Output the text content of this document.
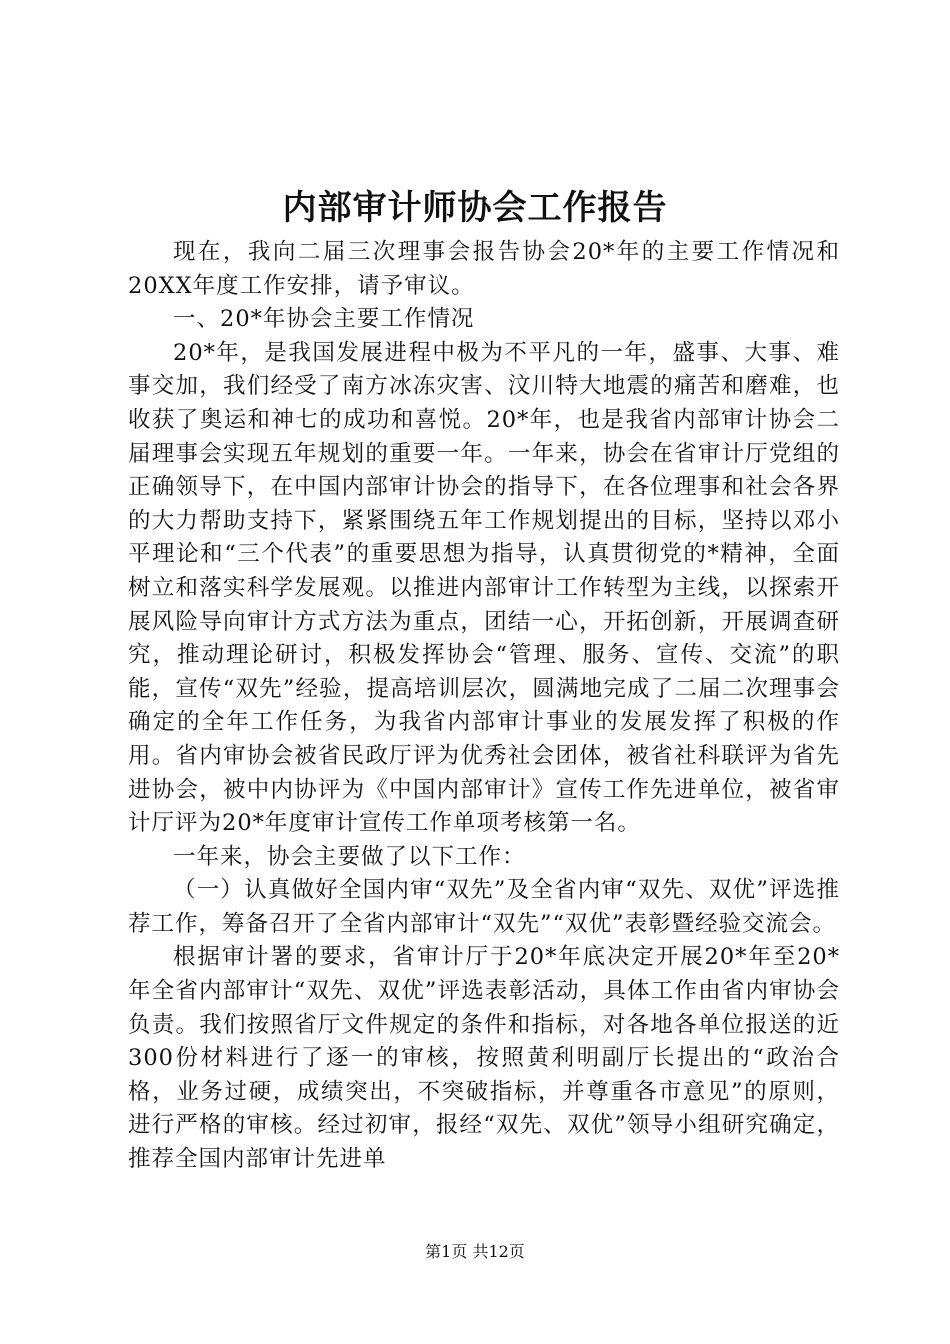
内部审计师协会工作报告

现在，我向二届三次理事会报告协会20*年的主要工作情况和20XX年度工作安排，请予审议。

一、20*年协会主要工作情况

20*年，是我国发展进程中极为不平凡的一年，盛事、大事、难事交加，我们经受了南方冰冻灾害、汶川特大地震的痛苦和磨难，也收获了奥运和神七的成功和喜悦。20*年，也是我省内部审计协会二届理事会实现五年规划的重要一年。一年来，协会在省审计厅党组的正确领导下，在中国内部审计协会的指导下，在各位理事和社会各界的大力帮助支持下，紧紧围绕五年工作规划提出的目标，坚持以邓小平理论和“三个代表”的重要思想为指导，认真贯彻党的*精神，全面树立和落实科学发展观。以推进内部审计工作转型为主线，以探索开展风险导向审计方式方法为重点，团结一心，开拓创新，开展调查研究，推动理论研讨，积极发挥协会“管理、服务、宣传、交流”的职能，宣传“双先”经验，提高培训层次，圆满地完成了二届二次理事会确定的全年工作任务，为我省内部审计事业的发展发挥了积极的作用。省内审协会被省民政厅评为优秀社会团体，被省社科联评为省先进协会，被中内协评为《中国内部审计》宣传工作先进单位，被省审计厅评为20*年度审计宣传工作单项考核第一名。

一年来，协会主要做了以下工作：

（一）认真做好全国内审“双先”及全省内审“双先、双优”评选推荐工作，筹备召开了全省内部审计“双先”“双优”表彰暨经验交流会。

根据审计署的要求，省审计厅于20*年底决定开展20*年至20*年全省内部审计“双先、双优”评选表彰活动，具体工作由省内审协会负责。我们按照省厅文件规定的条件和指标，对各地各单位报送的近300份材料进行了逐一的审核，按照黄利明副厅长提出的“政治合格，业务过硬，成绩突出，不突破指标，并尊重各市意见”的原则，进行严格的审核。经过初审，报经“双先、双优”领导小组研究确定，推荐全国内部审计先进单

第1页 共12页
